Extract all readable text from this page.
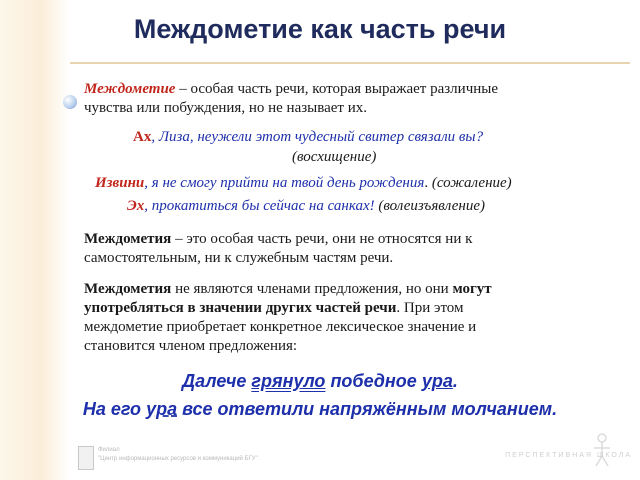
Междометие как часть речи
Междометие – особая часть речи, которая выражает различные
чувства или побуждения, но не называет их.
Ах, Лиза, неужели этот чудесный свитер связали вы?
(восхищение)
Извини, я не смогу прийти на твой день рождения. (сожаление)
Эх, прокатиться бы сейчас на санках! (волеизъявление)
Междометия – это особая часть речи, они не относятся ни к
самостоятельным, ни к служебным частям речи.
Междометия не являются членами предложения, но они могут
употребляться в значении других частей речи. При этом
междометие приобретает конкретное лексическое значение и
становится членом предложения:
Далече грянуло победное ура.
На его ура все ответили напряжённым молчанием.
Филиал
"Центр информационных ресурсов и коммуникаций БГУ"	ПЕРСПЕКТИВНАЯ ШКОЛА
